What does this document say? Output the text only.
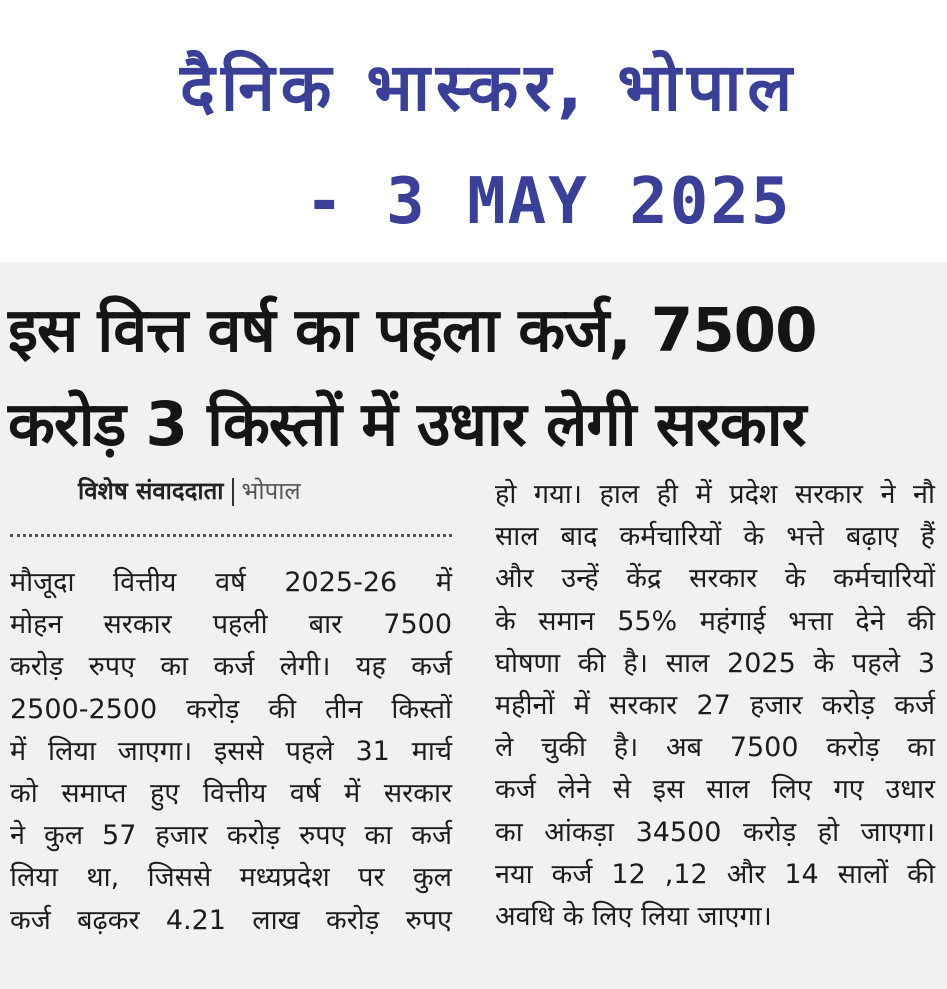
दैनिक भास्कर, भोपाल
- 3 MAY 2025
इस वित्त वर्ष का पहला कर्ज, 7500
करोड़ 3 किस्तों में उधार लेगी सरकार
विशेष संवाददाता भोपाल
मौजूदा वित्तीय वर्ष 2025-26 में
मोहन सरकार पहली बार 7500
करोड़ रुपए का कर्ज लेगी। यह कर्ज
2500-2500 करोड़ की तीन किस्तों
में लिया जाएगा। इससे पहले 31 मार्च
को समाप्त हुए वित्तीय वर्ष में सरकार
ने कुल 57 हजार करोड़ रुपए का कर्ज
लिया था, जिससे मध्यप्रदेश पर कुल
कर्ज बढ़कर 4.21 लाख करोड़ रुपए
हो गया। हाल ही में प्रदेश सरकार ने नौ
साल बाद कर्मचारियों के भत्ते बढ़ाए हैं
और उन्हें केंद्र सरकार के कर्मचारियों
के समान 55% महंगाई भत्ता देने की
घोषणा की है। साल 2025 के पहले 3
महीनों में सरकार 27 हजार करोड़ कर्ज
ले चुकी है। अब 7500 करोड़ का
कर्ज लेने से इस साल लिए गए उधार
का आंकड़ा 34500 करोड़ हो जाएगा।
नया कर्ज 12 ,12 और 14 सालों की
अवधि के लिए लिया जाएगा।
